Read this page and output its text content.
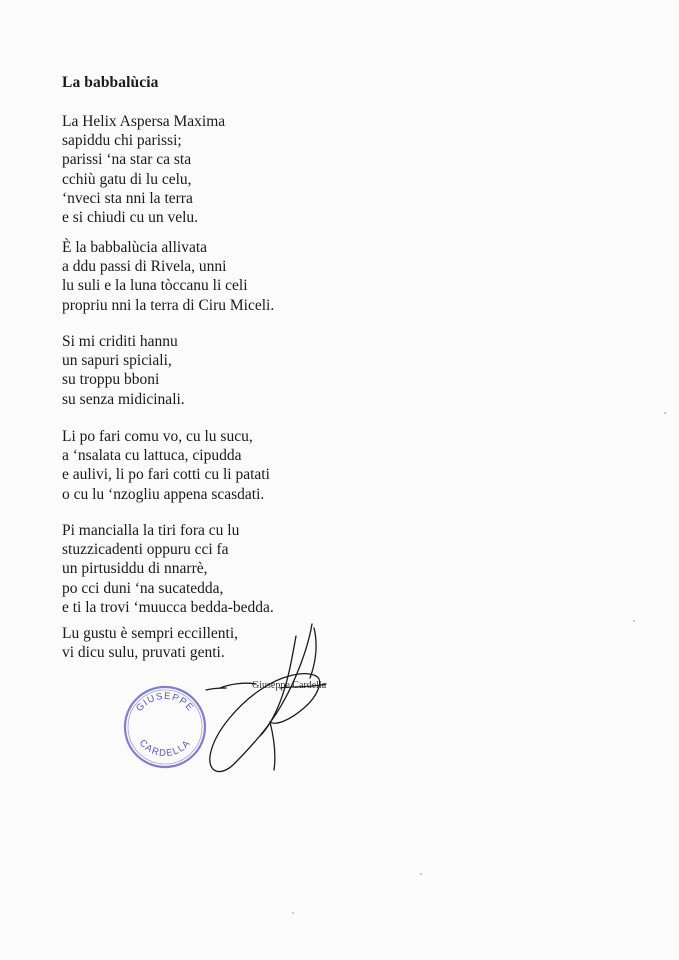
La babbalùcia
La Helix Aspersa Maxima
sapiddu chi parissi;
parissi ‘na star ca sta
cchiù gatu di lu celu,
‘nveci sta nni la terra
e si chiudi cu un velu.
È la babbalùcia allivata
a ddu passi di Rivela, unni
lu suli e la luna tòccanu li celi
propriu nni la terra di Ciru Miceli.
Si mi criditi hannu
un sapuri spiciali,
su troppu bboni
su senza midicinali.
Li po fari comu vo, cu lu sucu,
a ‘nsalata cu lattuca, cipudda
e aulivi, li po fari cotti cu li patati
o cu lu ‘nzogliu appena scasdati.
Pi mancialla la tiri fora cu lu
stuzzicadenti oppuru cci fa
un pirtusiddu di nnarrè,
po cci duni ‘na sucatedda,
e ti la trovi ‘muucca bedda-bedda.
Lu gustu è sempri eccillenti,
vi dicu sulu, pruvati genti.
GIUSEPPE
CARDELLA
Giuseppe Cardella
